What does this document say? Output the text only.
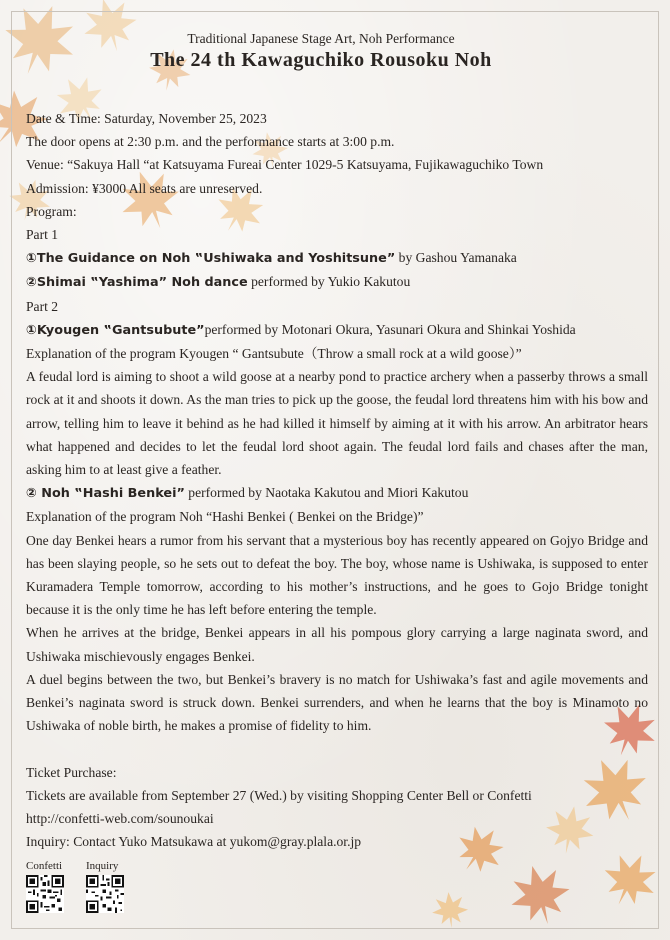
Traditional Japanese Stage Art, Noh Performance
The 24 th Kawaguchiko Rousoku Noh
Date & Time: Saturday, November 25, 2023
The door opens at 2:30 p.m. and the performance starts at 3:00 p.m.
Venue: “Sakuya Hall “at Katsuyama Fureai Center 1029-5 Katsuyama, Fujikawaguchiko Town
Admission: ¥3000 All seats are unreserved.
Program:
Part 1
①The Guidance on Noh ‟Ushiwaka and Yoshitsune” by Gashou Yamanaka
②Shimai ‟Yashima” Noh dance performed by Yukio Kakutou
Part 2
①Kyougen ‟Gantsubute”performed by Motonari Okura, Yasunari Okura and Shinkai Yoshida
Explanation of the program Kyougen “ Gantsubute（Throw a small rock at a wild goose）”
A feudal lord is aiming to shoot a wild goose at a nearby pond to practice archery when a passerby throws a small rock at it and shoots it down. As the man tries to pick up the goose, the feudal lord threatens him with his bow and arrow, telling him to leave it behind as he had killed it himself by aiming at it with his arrow. An arbitrator hears what happened and decides to let the feudal lord shoot again. The feudal lord fails and chases after the man, asking him to at least give a feather.
② Noh ‟Hashi Benkei” performed by Naotaka Kakutou and Miori Kakutou
Explanation of the program Noh “Hashi Benkei ( Benkei on the Bridge)”
One day Benkei hears a rumor from his servant that a mysterious boy has recently appeared on Gojyo Bridge and has been slaying people, so he sets out to defeat the boy. The boy, whose name is Ushiwaka, is supposed to enter Kuramadera Temple tomorrow, according to his mother’s instructions, and he goes to Gojo Bridge tonight because it is the only time he has left before entering the temple.
When he arrives at the bridge, Benkei appears in all his pompous glory carrying a large naginata sword, and Ushiwaka mischievously engages Benkei.
A duel begins between the two, but Benkei’s bravery is no match for Ushiwaka’s fast and agile movements and Benkei’s naginata sword is struck down. Benkei surrenders, and when he learns that the boy is Minamoto no Ushiwaka of noble birth, he makes a promise of fidelity to him.
Ticket Purchase:
Tickets are available from September 27 (Wed.) by visiting Shopping Center Bell or Confetti
http://confetti-web.com/sounoukai
Inquiry: Contact Yuko Matsukawa at yukom@gray.plala.or.jp
Confetti Inquiry
